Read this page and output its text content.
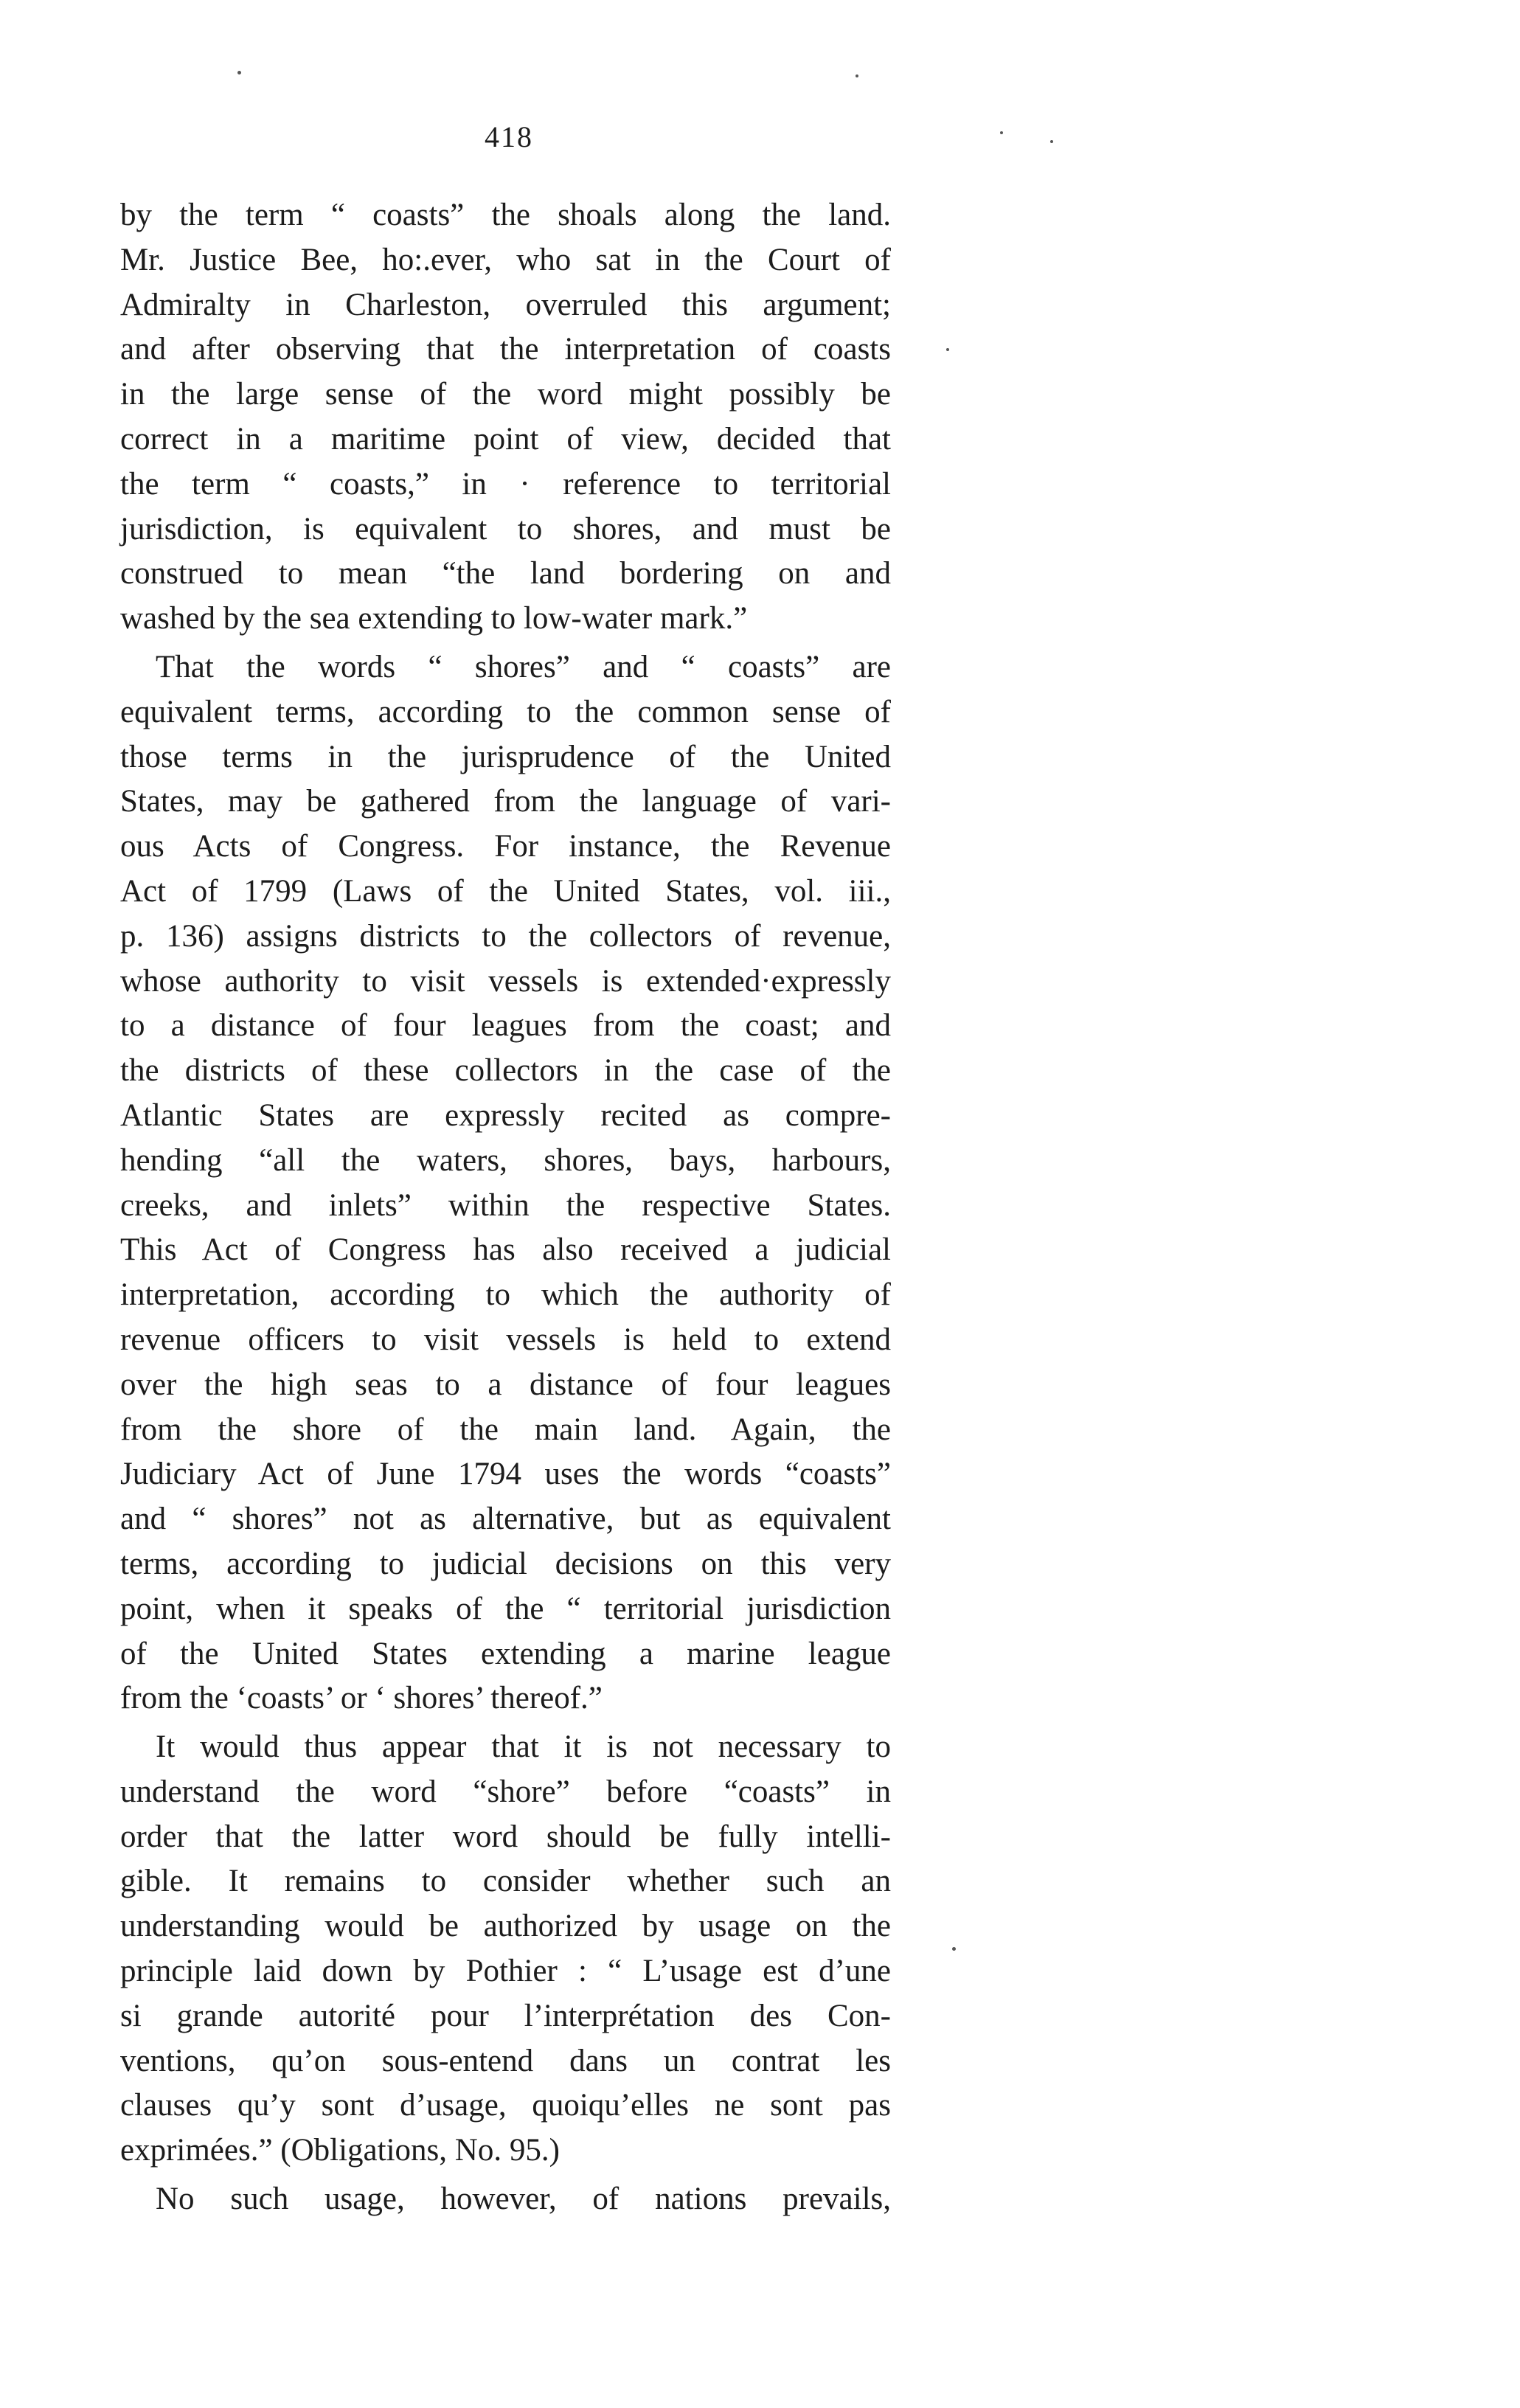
418
by the term “ coasts” the shoals along the land.
Mr. Justice Bee, ho:.ever, who sat in the Court of
Admiralty in Charleston, overruled this argument;
and after observing that the interpretation of coasts
in the large sense of the word might possibly be
correct in a maritime point of view, decided that
the term “ coasts,” in · reference to territorial
jurisdiction, is equivalent to shores, and must be
construed to mean “the land bordering on and
washed by the sea extending to low-water mark.”
That the words “ shores” and “ coasts” are
equivalent terms, according to the common sense of
those terms in the jurisprudence of the United
States, may be gathered from the language of vari-
ous Acts of Congress. For instance, the Revenue
Act of 1799 (Laws of the United States, vol. iii.,
p. 136) assigns districts to the collectors of revenue,
whose authority to visit vessels is extended·expressly
to a distance of four leagues from the coast; and
the districts of these collectors in the case of the
Atlantic States are expressly recited as compre-
hending “all the waters, shores, bays, harbours,
creeks, and inlets” within the respective States.
This Act of Congress has also received a judicial
interpretation, according to which the authority of
revenue officers to visit vessels is held to extend
over the high seas to a distance of four leagues
from the shore of the main land. Again, the
Judiciary Act of June 1794 uses the words “coasts”
and “ shores” not as alternative, but as equivalent
terms, according to judicial decisions on this very
point, when it speaks of the “ territorial jurisdiction
of the United States extending a marine league
from the ‘coasts’ or ‘ shores’ thereof.”
It would thus appear that it is not necessary to
understand the word “shore” before “coasts” in
order that the latter word should be fully intelli-
gible. It remains to consider whether such an
understanding would be authorized by usage on the
principle laid down by Pothier : “ L’usage est d’une
si grande autorité pour l’interprétation des Con-
ventions, qu’on sous-entend dans un contrat les
clauses qu’y sont d’usage, quoiqu’elles ne sont pas
exprimées.” (Obligations, No. 95.)
No such usage, however, of nations prevails,
